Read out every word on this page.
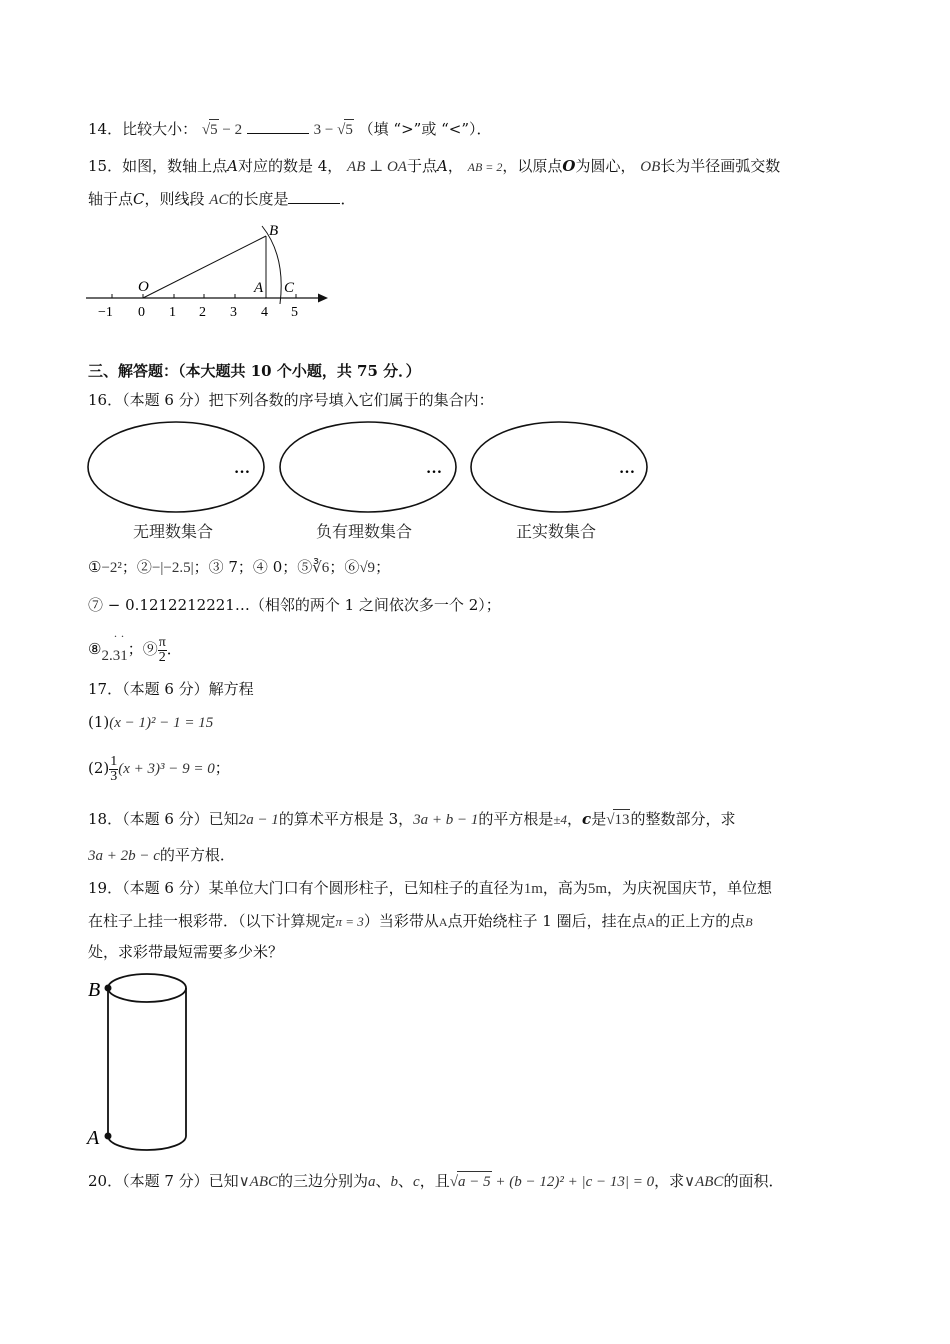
14．比较大小： √5 − 2	3 − √5 （填 “>”或 “<”）．
15．如图，数轴上点A对应的数是 4， AB ⊥ OA于点A， AB = 2，以原点O为圆心， OB长为半径画弧交数
轴于点C，则线段 AC的长度是	．
−1 0 1 2 3 4 5
O	A
B
C
三、解答题：（本大题共 10 个小题，共 75 分．）
16．（本题 6 分）把下列各数的序号填入它们属于的集合内：
…	…	…
无理数集合	负有理数集合	正实数集合
①−2²；②−|−2.5|；③ 7；④ 0；⑤∛6；⑥√9；
⑦ − 0.1212212221…（相邻的两个 1 之间依次多一个 2）；
⑧
· ·
2.31；⑨ $\frac{\pi}{2}$ ．
17．（本题 6 分）解方程
(1)(x − 1)² − 1 = 15
$(2) \frac{1}{3} (x + 3)^3 - 9 = 0$；
18．（本题 6 分）已知2a − 1的算术平方根是 3，3a + b − 1的平方根是±4，c是√13的整数部分，求
3a + 2b − c的平方根．
19．（本题 6 分）某单位大门口有个圆形柱子，已知柱子的直径为1m，高为5m，为庆祝国庆节，单位想
在柱子上挂一根彩带．（以下计算规定π = 3）当彩带从A点开始绕柱子 1 圈后，挂在点A的正上方的点B
处，求彩带最短需要多少米？
B
A
20．（本题 7 分）已知∨ABC的三边分别为a、b、c，且√a − 5 + (b − 12)² + |c − 13| = 0，求∨ABC的面积．
